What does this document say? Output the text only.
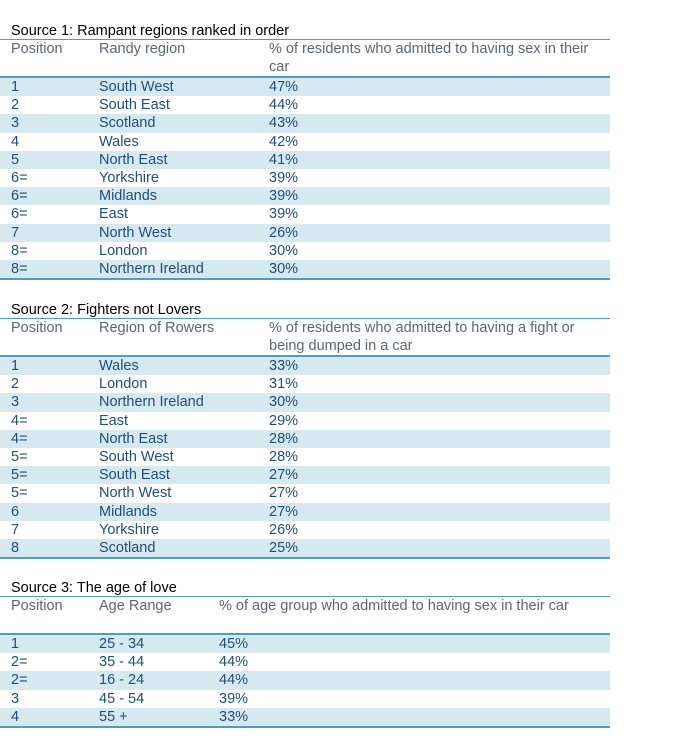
Source 1: Rampant regions ranked in order
Position	Randy region	% of residents who admitted to having sex in their car
1	South West	47%
2	South East	44%
3	Scotland	43%
4	Wales	42%
5	North East	41%
6=	Yorkshire	39%
6=	Midlands	39%
6=	East	39%
7	North West	26%
8=	London	30%
8=	Northern Ireland	30%
Source 2: Fighters not Lovers
Position	Region of Rowers	% of residents who admitted to having a fight or being dumped in a car
1	Wales	33%
2	London	31%
3	Northern Ireland	30%
4=	East	29%
4=	North East	28%
5=	South West	28%
5=	South East	27%
5=	North West	27%
6	Midlands	27%
7	Yorkshire	26%
8	Scotland	25%
Source 3: The age of love
Position	Age Range	% of age group who admitted to having sex in their car
1	25 - 34	45%
2=	35 - 44	44%
2=	16 - 24	44%
3	45 - 54	39%
4	55 +	33%
